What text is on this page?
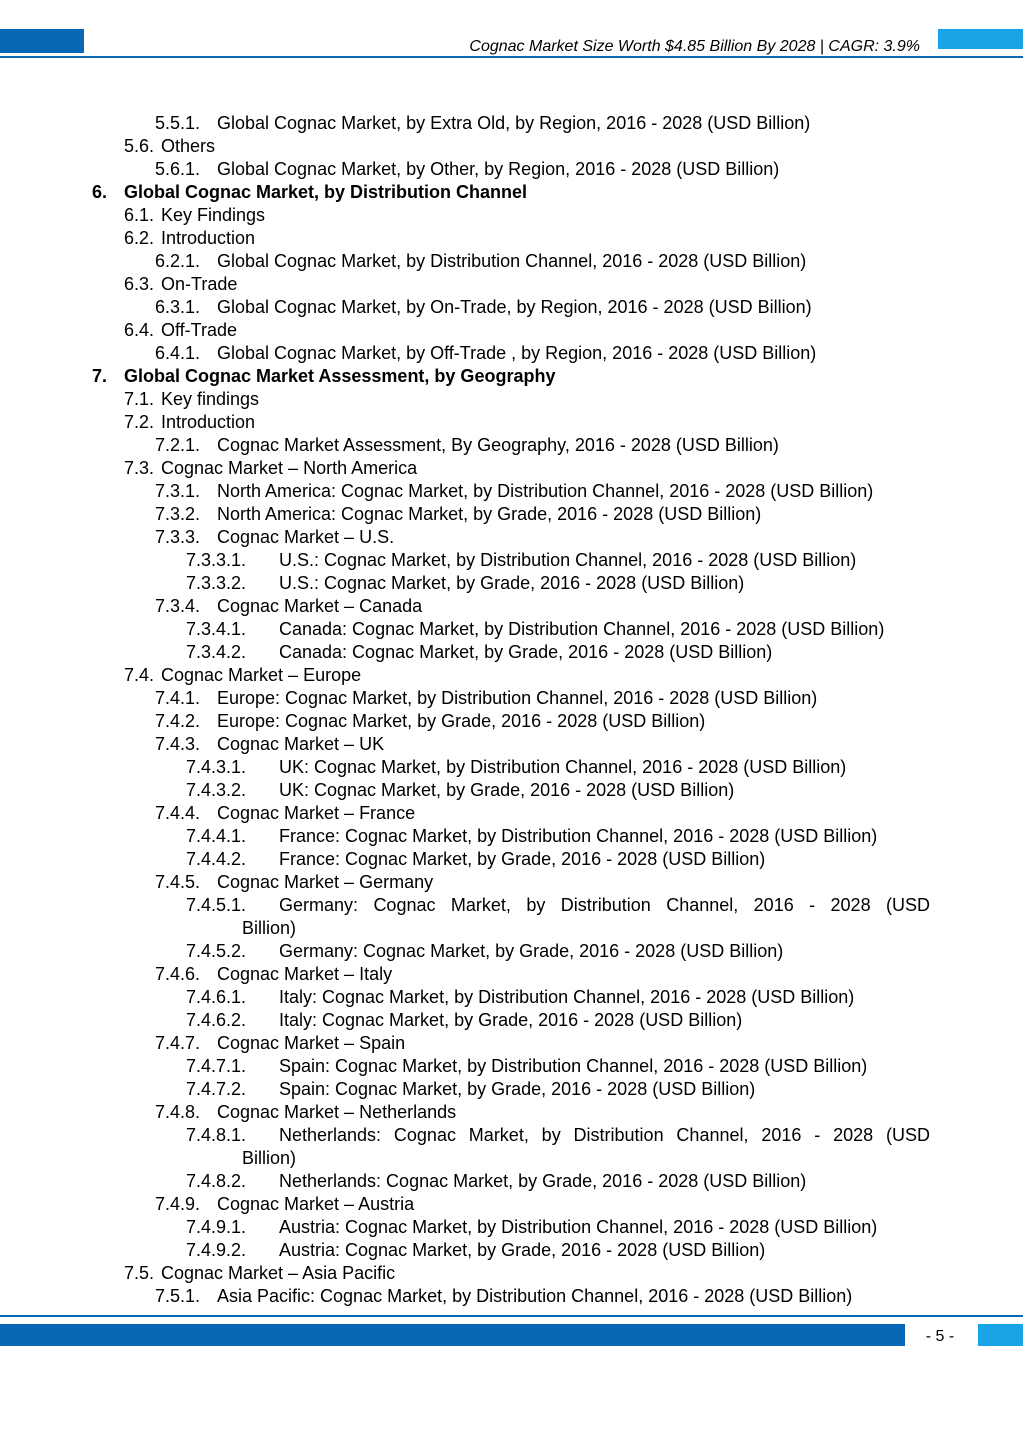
Cognac Market Size Worth $4.85 Billion By 2028 | CAGR: 3.9%
5.5.1. Global Cognac Market, by Extra Old, by Region, 2016 - 2028 (USD Billion)
5.6. Others
5.6.1. Global Cognac Market, by Other, by Region, 2016 - 2028 (USD Billion)
6. Global Cognac Market, by Distribution Channel
6.1. Key Findings
6.2. Introduction
6.2.1. Global Cognac Market, by Distribution Channel, 2016 - 2028 (USD Billion)
6.3. On-Trade
6.3.1. Global Cognac Market, by On-Trade, by Region, 2016 - 2028 (USD Billion)
6.4. Off-Trade
6.4.1. Global Cognac Market, by Off-Trade , by Region, 2016 - 2028 (USD Billion)
7. Global Cognac Market Assessment, by Geography
7.1. Key findings
7.2. Introduction
7.2.1. Cognac Market Assessment, By Geography, 2016 - 2028 (USD Billion)
7.3. Cognac Market – North America
7.3.1. North America: Cognac Market, by Distribution Channel, 2016 - 2028 (USD Billion)
7.3.2. North America: Cognac Market, by Grade, 2016 - 2028 (USD Billion)
7.3.3. Cognac Market – U.S.
7.3.3.1. U.S.: Cognac Market, by Distribution Channel, 2016 - 2028 (USD Billion)
7.3.3.2. U.S.: Cognac Market, by Grade, 2016 - 2028 (USD Billion)
7.3.4. Cognac Market – Canada
7.3.4.1. Canada: Cognac Market, by Distribution Channel, 2016 - 2028 (USD Billion)
7.3.4.2. Canada: Cognac Market, by Grade, 2016 - 2028 (USD Billion)
7.4. Cognac Market – Europe
7.4.1. Europe: Cognac Market, by Distribution Channel, 2016 - 2028 (USD Billion)
7.4.2. Europe: Cognac Market, by Grade, 2016 - 2028 (USD Billion)
7.4.3. Cognac Market – UK
7.4.3.1. UK: Cognac Market, by Distribution Channel, 2016 - 2028 (USD Billion)
7.4.3.2. UK: Cognac Market, by Grade, 2016 - 2028 (USD Billion)
7.4.4. Cognac Market – France
7.4.4.1. France: Cognac Market, by Distribution Channel, 2016 - 2028 (USD Billion)
7.4.4.2. France: Cognac Market, by Grade, 2016 - 2028 (USD Billion)
7.4.5. Cognac Market – Germany
7.4.5.1. Germany: Cognac Market, by Distribution Channel, 2016 - 2028 (USD
Billion)
7.4.5.2. Germany: Cognac Market, by Grade, 2016 - 2028 (USD Billion)
7.4.6. Cognac Market – Italy
7.4.6.1. Italy: Cognac Market, by Distribution Channel, 2016 - 2028 (USD Billion)
7.4.6.2. Italy: Cognac Market, by Grade, 2016 - 2028 (USD Billion)
7.4.7. Cognac Market – Spain
7.4.7.1. Spain: Cognac Market, by Distribution Channel, 2016 - 2028 (USD Billion)
7.4.7.2. Spain: Cognac Market, by Grade, 2016 - 2028 (USD Billion)
7.4.8. Cognac Market – Netherlands
7.4.8.1. Netherlands: Cognac Market, by Distribution Channel, 2016 - 2028 (USD
Billion)
7.4.8.2. Netherlands: Cognac Market, by Grade, 2016 - 2028 (USD Billion)
7.4.9. Cognac Market – Austria
7.4.9.1. Austria: Cognac Market, by Distribution Channel, 2016 - 2028 (USD Billion)
7.4.9.2. Austria: Cognac Market, by Grade, 2016 - 2028 (USD Billion)
7.5. Cognac Market – Asia Pacific
7.5.1. Asia Pacific: Cognac Market, by Distribution Channel, 2016 - 2028 (USD Billion)
- 5 -
